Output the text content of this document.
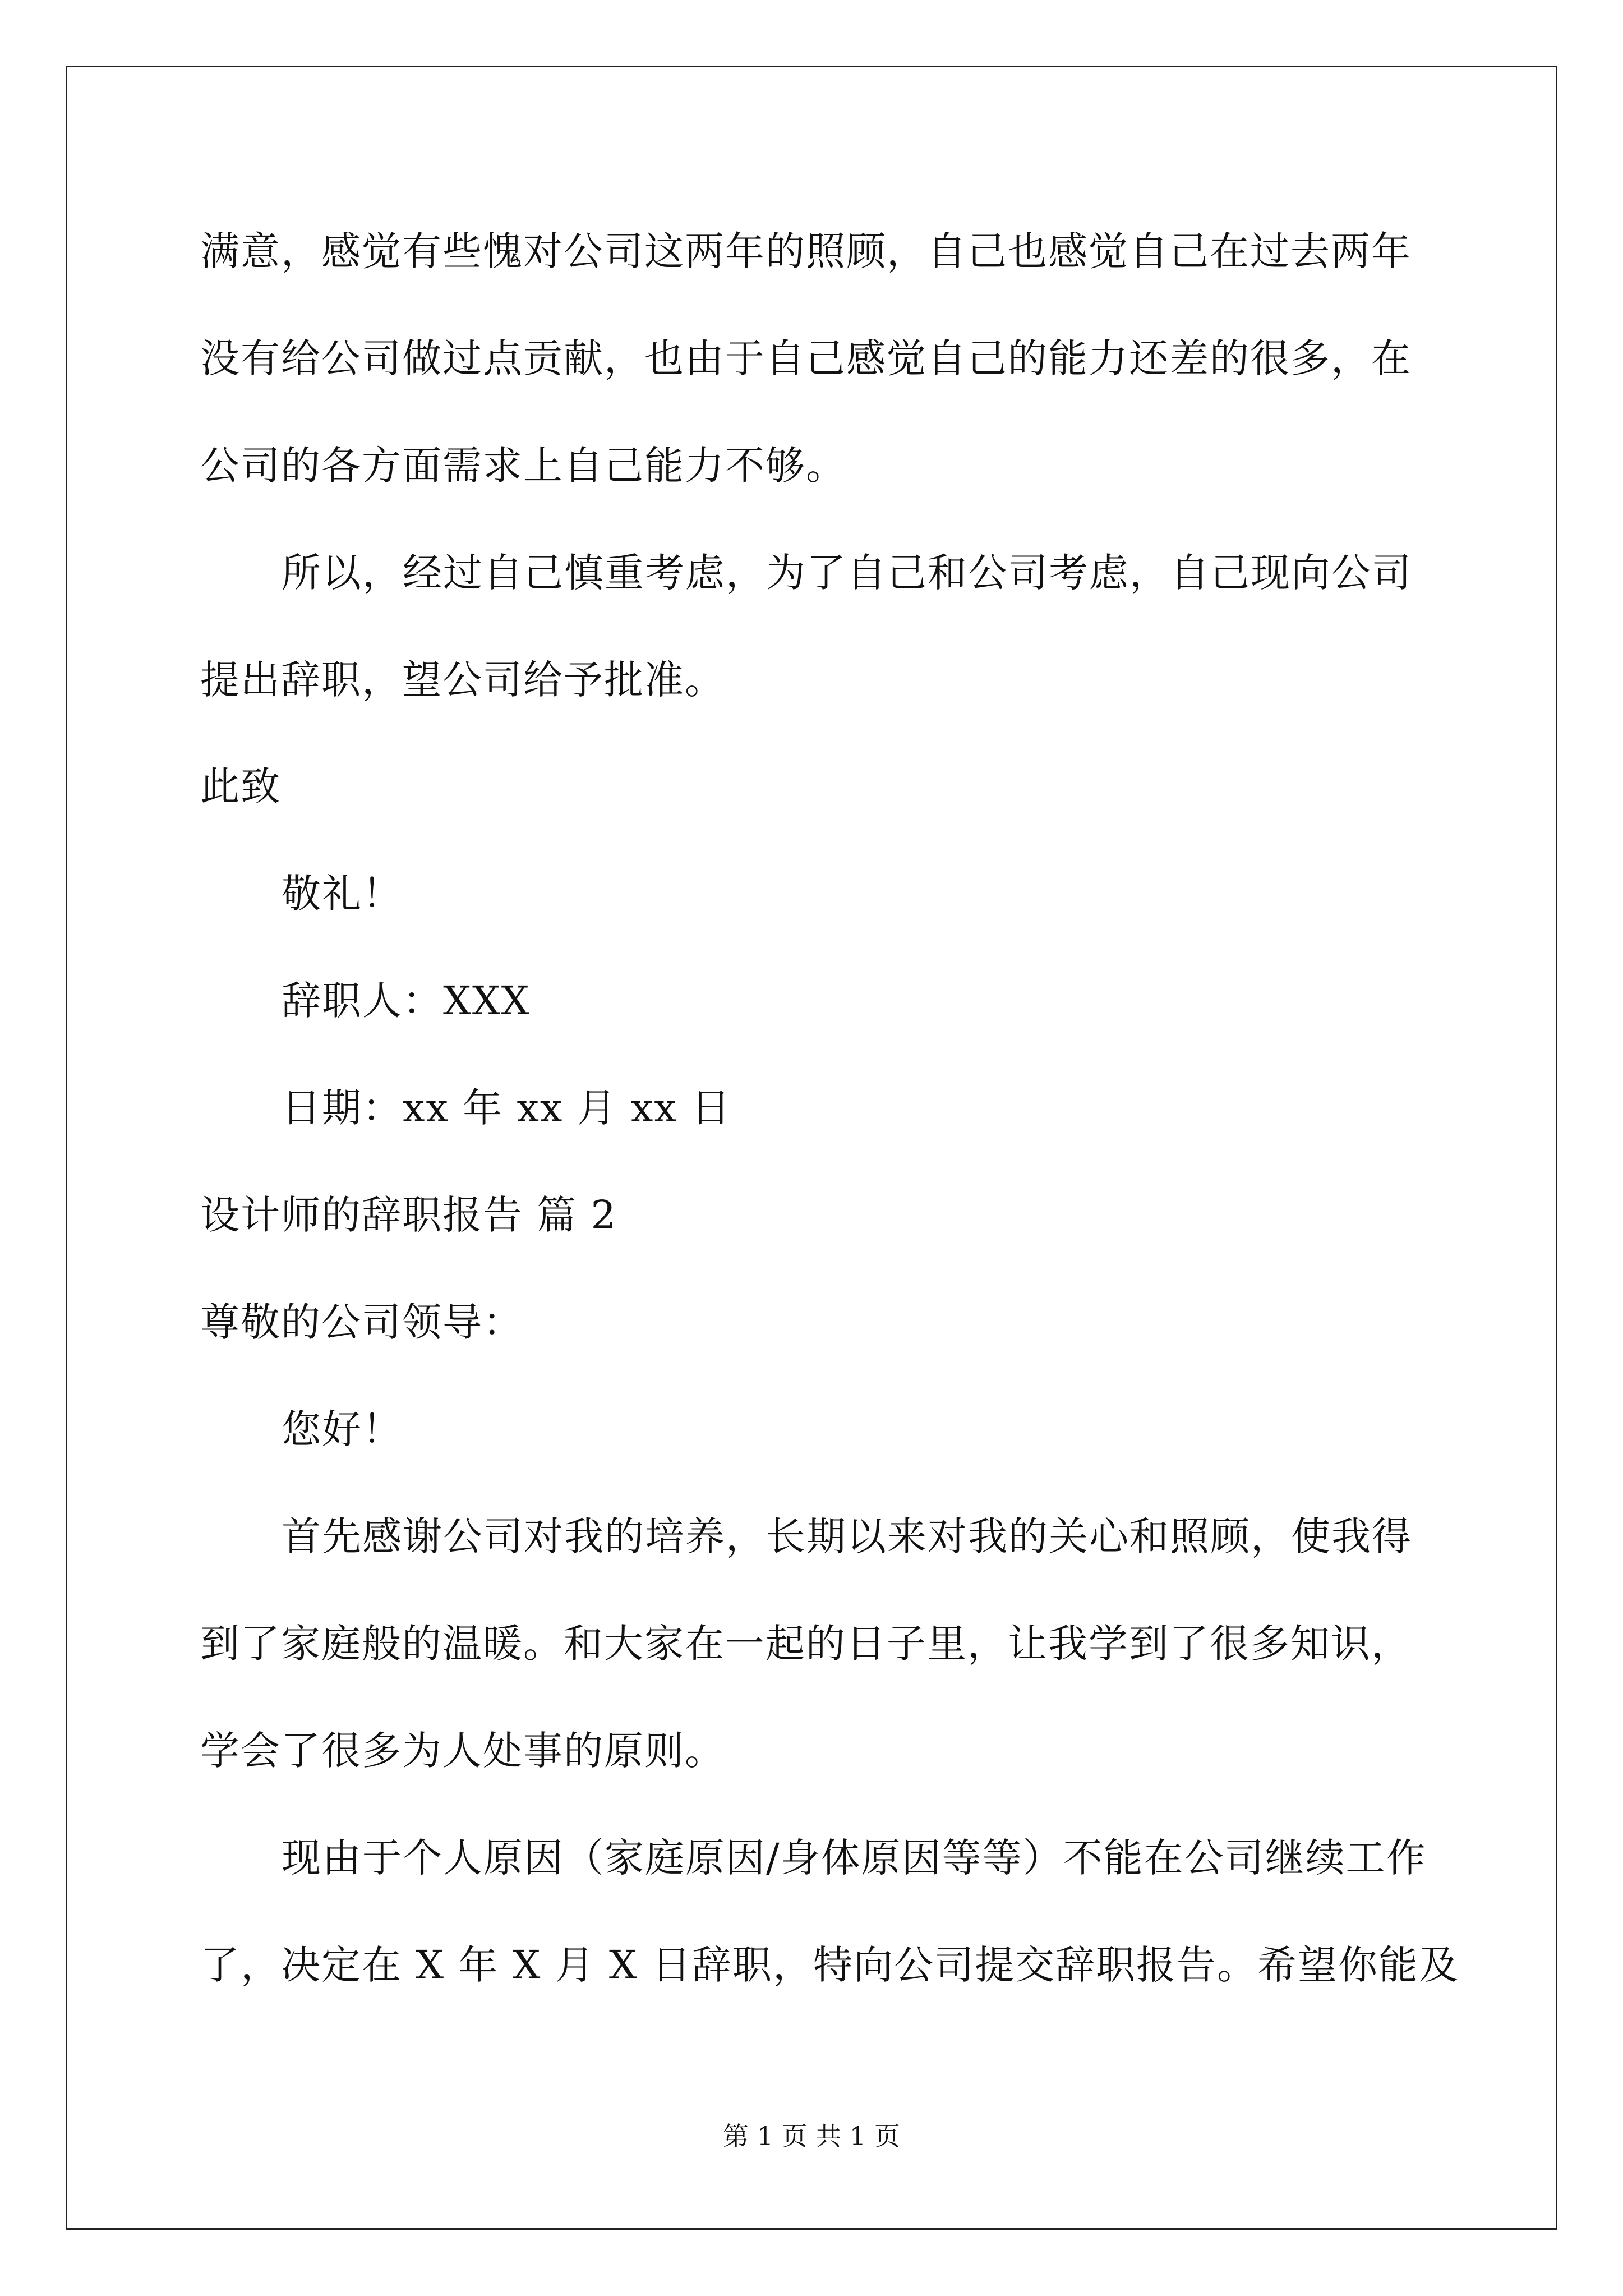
满意，感觉有些愧对公司这两年的照顾，自己也感觉自己在过去两年
没有给公司做过点贡献，也由于自己感觉自己的能力还差的很多，在
公司的各方面需求上自己能力不够。
所以，经过自己慎重考虑，为了自己和公司考虑，自己现向公司
提出辞职，望公司给予批准。
此致
敬礼！
辞职人：XXX
日期：xx 年 xx 月 xx 日
设计师的辞职报告 篇 2
尊敬的公司领导：
您好！
首先感谢公司对我的培养，长期以来对我的关心和照顾，使我得
到了家庭般的温暖。和大家在一起的日子里，让我学到了很多知识，
学会了很多为人处事的原则。
现由于个人原因（家庭原因/身体原因等等）不能在公司继续工作
了，决定在 X 年 X 月 X 日辞职，特向公司提交辞职报告。希望你能及
第 1 页 共 1 页
